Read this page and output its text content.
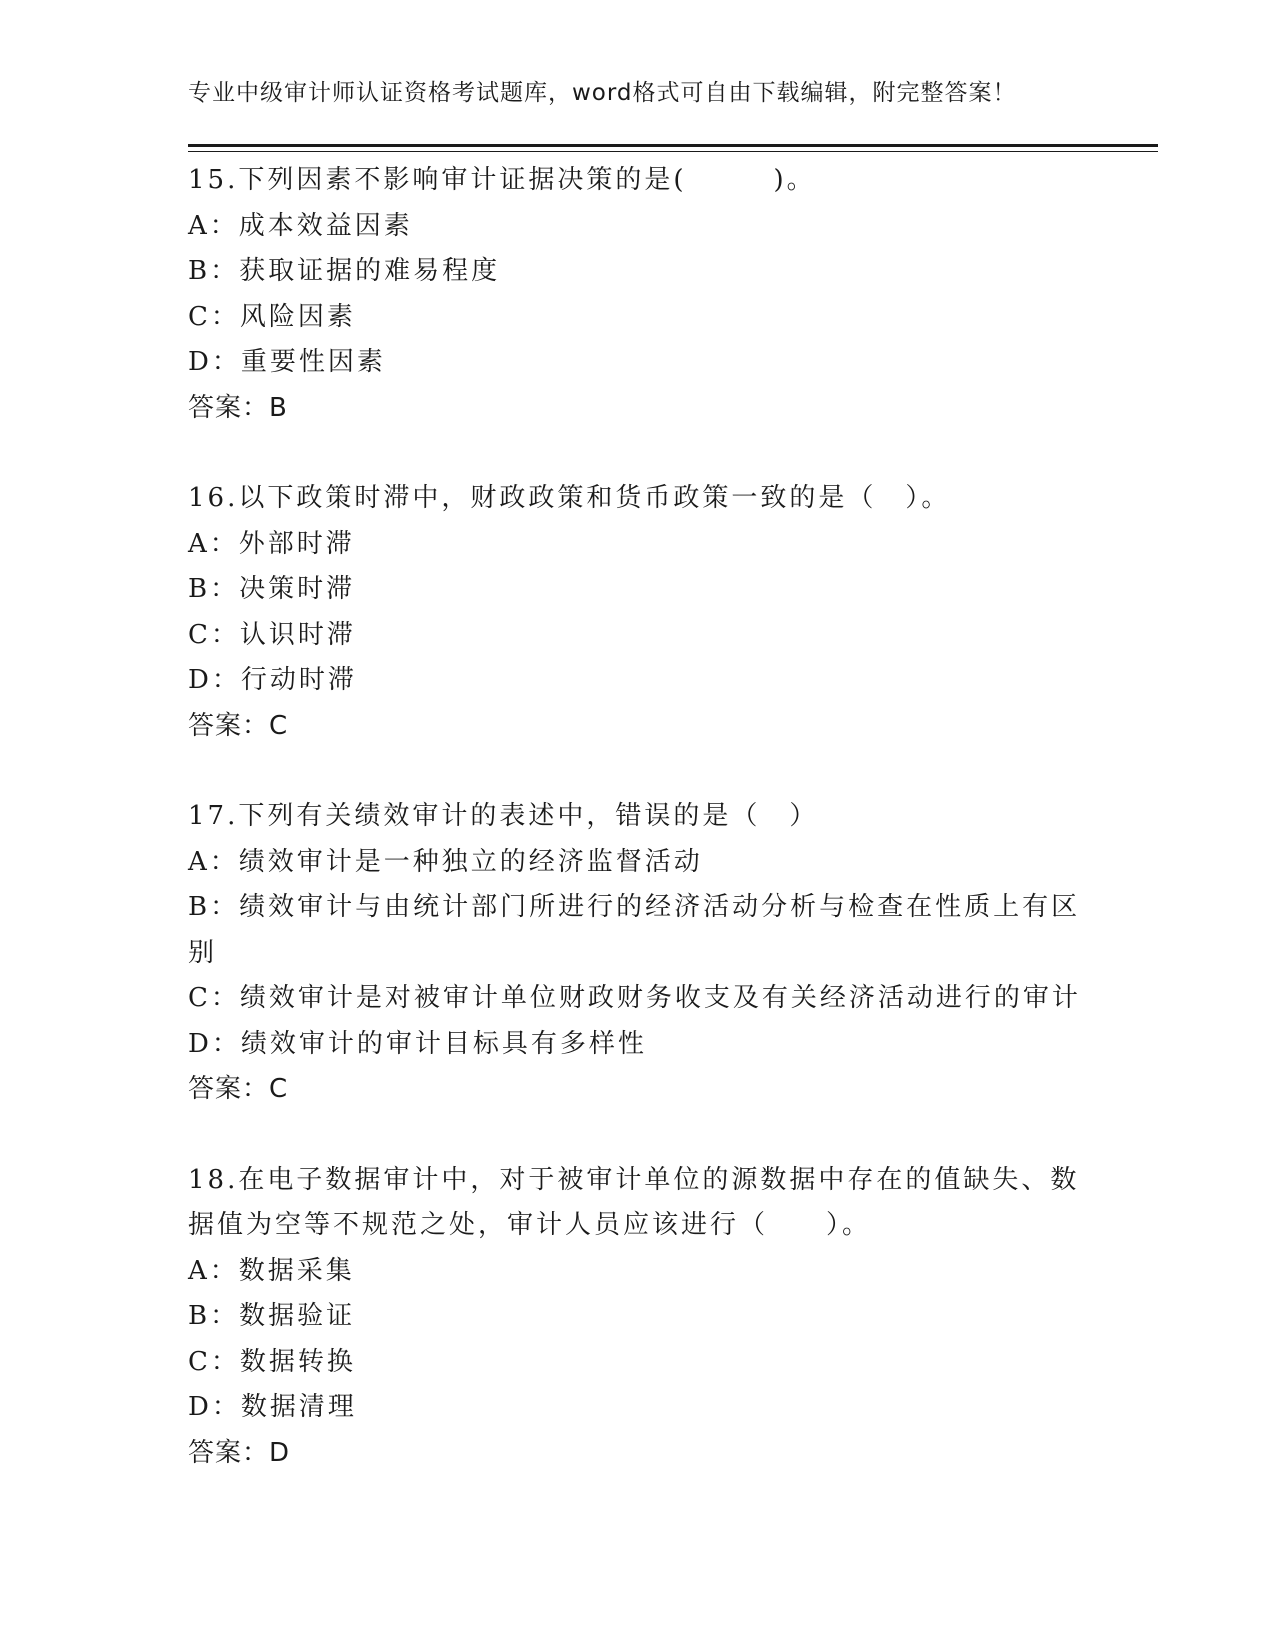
专业中级审计师认证资格考试题库，word格式可自由下载编辑，附完整答案！
15.下列因素不影响审计证据决策的是(　　　)。
A：成本效益因素
B：获取证据的难易程度
C：风险因素
D：重要性因素
答案：B
16.以下政策时滞中，财政政策和货币政策一致的是（　）。
A：外部时滞
B：决策时滞
C：认识时滞
D：行动时滞
答案：C
17.下列有关绩效审计的表述中，错误的是（　）
A：绩效审计是一种独立的经济监督活动
B：绩效审计与由统计部门所进行的经济活动分析与检查在性质上有区
别
C：绩效审计是对被审计单位财政财务收支及有关经济活动进行的审计
D：绩效审计的审计目标具有多样性
答案：C
18.在电子数据审计中，对于被审计单位的源数据中存在的值缺失、数
据值为空等不规范之处，审计人员应该进行（　　）。
A：数据采集
B：数据验证
C：数据转换
D：数据清理
答案：D
